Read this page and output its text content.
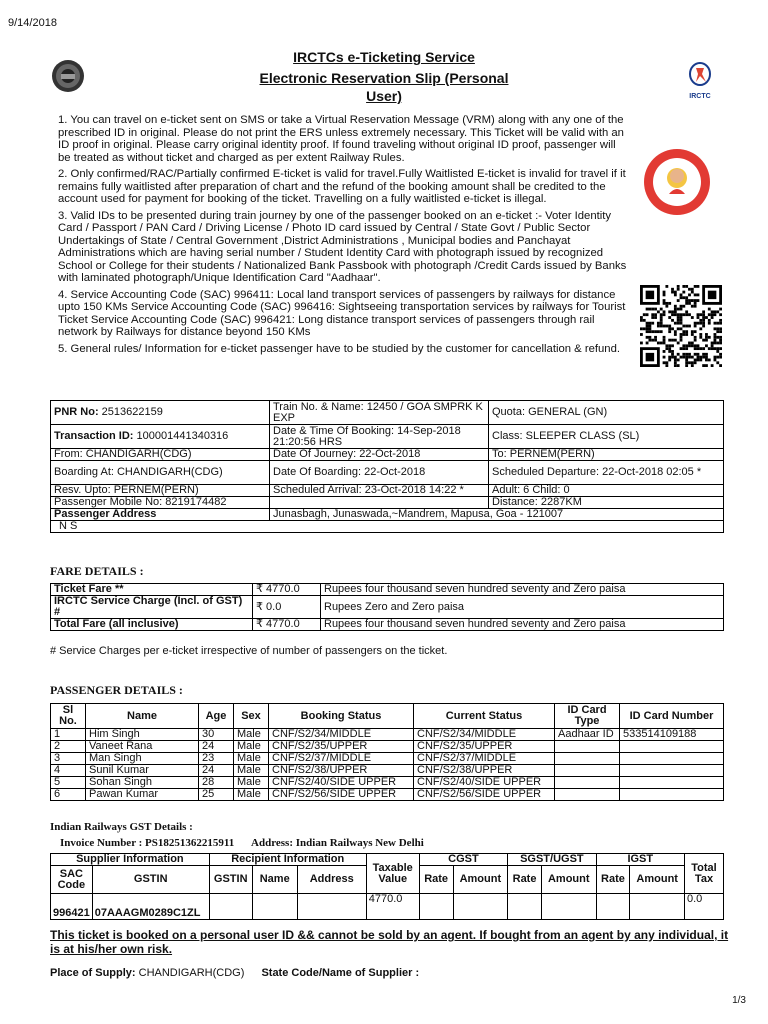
9/14/2018
IRCTCs e-Ticketing Service
Electronic Reservation Slip (Personal User)	IRCTC

1. You can travel on e-ticket sent on SMS or take a Virtual Reservation Message (VRM) along with any one of the prescribed ID in original. Please do not print the ERS unless extremely necessary. This Ticket will be valid with an ID proof in original. Please carry original identity proof. If found traveling without original ID proof, passenger will be treated as without ticket and charged as per extent Railway Rules.

2. Only confirmed/RAC/Partially confirmed E-ticket is valid for travel.Fully Waitlisted E-ticket is invalid for travel if it remains fully waitlisted after preparation of chart and the refund of the booking amount shall be credited to the account used for payment for booking of the ticket. Travelling on a fully waitlisted e-ticket is illegal.

3. Valid IDs to be presented during train journey by one of the passenger booked on an e-ticket :- Voter Identity Card / Passport / PAN Card / Driving License / Photo ID card issued by Central / State Govt / Public Sector Undertakings of State / Central Government ,District Administrations , Municipal bodies and Panchayat Administrations which are having serial number / Student Identity Card with photograph issued by recognized School or College for their students / Nationalized Bank Passbook with photograph /Credit Cards issued by Banks with laminated photograph/Unique Identification Card "Aadhaar".

4. Service Accounting Code (SAC) 996411: Local land transport services of passengers by railways for distance upto 150 KMs Service Accounting Code (SAC) 996416: Sightseeing transportation services by railways for Tourist Ticket Service Accounting Code (SAC) 996421: Long distance transport services of passengers through rail network by Railways for distance beyond 150 KMs

5. General rules/ Information for e-ticket passenger have to be studied by the customer for cancellation & refund.

PNR No: 2513622159	Train No. & Name: 12450 / GOA SMPRK K EXP	Quota: GENERAL (GN)
Transaction ID: 100001441340316	Date & Time Of Booking: 14-Sep-2018 21:20:56 HRS	Class: SLEEPER CLASS (SL)
From: CHANDIGARH(CDG)	Date Of Journey: 22-Oct-2018	To: PERNEM(PERN)
Boarding At: CHANDIGARH(CDG)	Date Of Boarding: 22-Oct-2018	Scheduled Departure: 22-Oct-2018 02:05 *
Resv. Upto: PERNEM(PERN)	Scheduled Arrival: 23-Oct-2018 14:22 *	Adult: 6 Child: 0
Passenger Mobile No: 8219174482		Distance: 2287KM
Passenger Address	Junasbagh, Junaswada,~Mandrem, Mapusa, Goa - 121007	
N S		
FARE DETAILS :
Ticket Fare **	₹ 4770.0	Rupees four thousand seven hundred seventy and Zero paisa
IRCTC Service Charge (Incl. of GST) #	₹ 0.0	Rupees Zero and Zero paisa
Total Fare (all inclusive)	₹ 4770.0	Rupees four thousand seven hundred seventy and Zero paisa
# Service Charges per e-ticket irrespective of number of passengers on the ticket.
PASSENGER DETAILS :
Sl No.	Name	Age	Sex	Booking Status	Current Status	ID Card Type	ID Card Number
1	Him Singh	30	Male	CNF/S2/34/MIDDLE	CNF/S2/34/MIDDLE	Aadhaar ID	533514109188
2	Vaneet Rana	24	Male	CNF/S2/35/UPPER	CNF/S2/35/UPPER		
3	Man Singh	23	Male	CNF/S2/37/MIDDLE	CNF/S2/37/MIDDLE		
4	Sunil Kumar	24	Male	CNF/S2/38/UPPER	CNF/S2/38/UPPER		
5	Sohan Singh	28	Male	CNF/S2/40/SIDE UPPER	CNF/S2/40/SIDE UPPER		
6	Pawan Kumar	25	Male	CNF/S2/56/SIDE UPPER	CNF/S2/56/SIDE UPPER		
Indian Railways GST Details :
Invoice Number : PS18251362215911 Address: Indian Railways New Delhi
Supplier Information		Recipient Information			Taxable Value	CGST		SGST/UGST		IGST		Total Tax
SAC Code	GSTIN	GSTIN	Name	Address		Rate	Amount	Rate	Amount	Rate	Amount	
996421	07AAAGM0289C1ZL				4770.0							0.0
This ticket is booked on a personal user ID && cannot be sold by an agent. If bought from an agent by any individual, it is at his/her own risk.
Place of Supply: CHANDIGARH(CDG) State Code/Name of Supplier :
1/3
